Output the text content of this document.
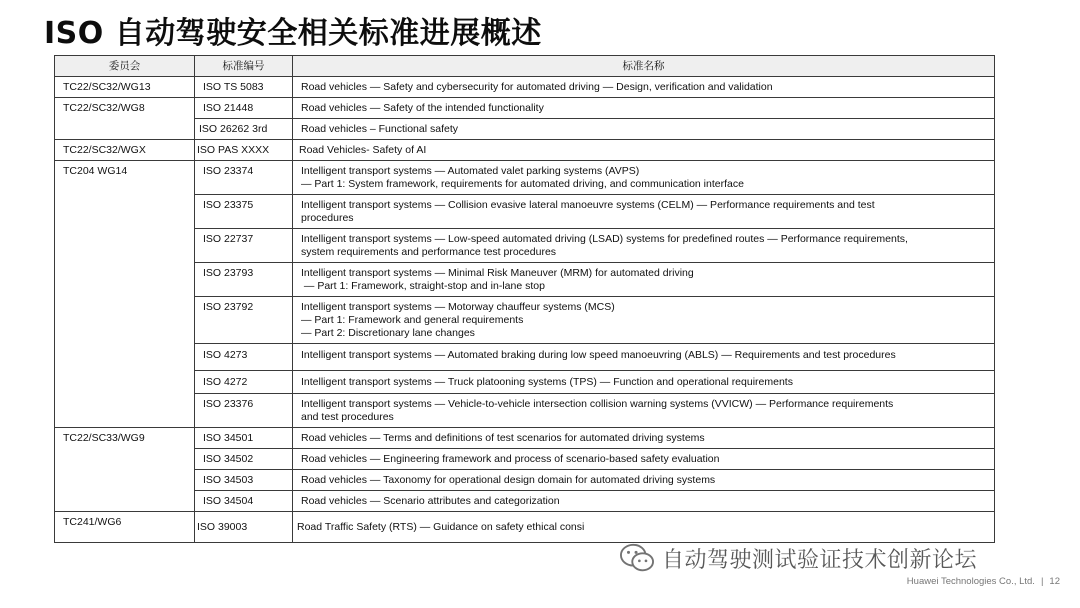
ISO 自动驾驶安全相关标准进展概述
委员会	标准编号	标准名称
TC22/SC32/WG13	ISO TS 5083	Road vehicles — Safety and cybersecurity for automated driving — Design, verification and validation

TC22/SC32/WG8	ISO 21448	Road vehicles — Safety of the intended functionality

	ISO 26262 3rd	Road vehicles – Functional safety

TC22/SC32/WGX	ISO PAS XXXX	Road Vehicles- Safety of AI

TC204 WG14	ISO 23374	Intelligent transport systems — Automated valet parking systems (AVPS)
— Part 1: System framework, requirements for automated driving, and communication interface

	ISO 23375	Intelligent transport systems — Collision evasive lateral manoeuvre systems (CELM) — Performance requirements and test
procedures

	ISO 22737	Intelligent transport systems — Low-speed automated driving (LSAD) systems for predefined routes — Performance requirements,
system requirements and performance test procedures

	ISO 23793	Intelligent transport systems — Minimal Risk Maneuver (MRM) for automated driving
— Part 1: Framework, straight-stop and in-lane stop

	ISO 23792	Intelligent transport systems — Motorway chauffeur systems (MCS)
— Part 1: Framework and general requirements
— Part 2: Discretionary lane changes

	ISO 4273	Intelligent transport systems — Automated braking during low speed manoeuvring (ABLS) — Requirements and test procedures

	ISO 4272	Intelligent transport systems — Truck platooning systems (TPS) — Function and operational requirements

	ISO 23376	Intelligent transport systems — Vehicle-to-vehicle intersection collision warning systems (VVICW) — Performance requirements
and test procedures

TC22/SC33/WG9	ISO 34501	Road vehicles — Terms and definitions of test scenarios for automated driving systems

	ISO 34502	Road vehicles — Engineering framework and process of scenario-based safety evaluation

	ISO 34503	Road vehicles — Taxonomy for operational design domain for automated driving systems

	ISO 34504	Road vehicles — Scenario attributes and categorization

TC241/WG6	ISO 39003	Road Traffic Safety (RTS) — Guidance on safety ethical consi
自动驾驶测试验证技术创新论坛
Huawei Technologies Co., Ltd. | 12
